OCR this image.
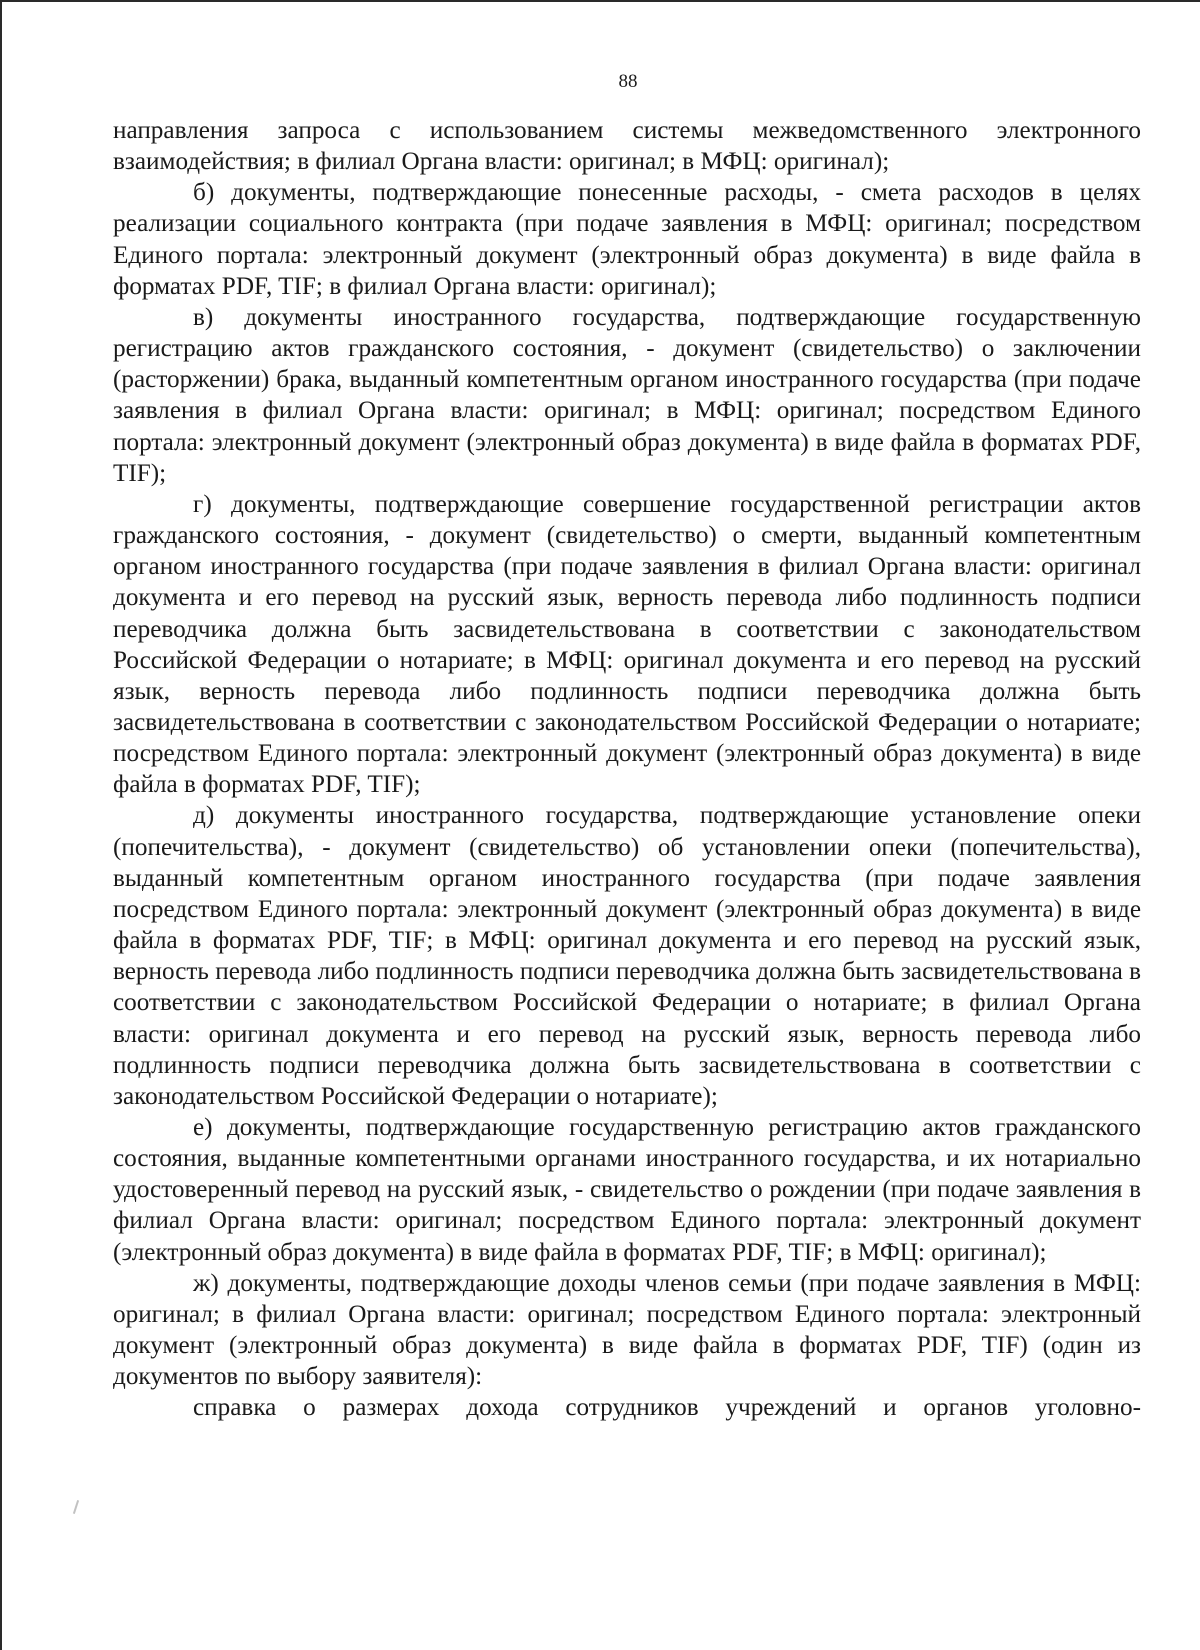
88

направления запроса с использованием системы межведомственного электронного взаимодействия; в филиал Органа власти: оригинал; в МФЦ: оригинал);

б) документы, подтверждающие понесенные расходы, - смета расходов в целях реализации социального контракта (при подаче заявления в МФЦ: оригинал; посредством Единого портала: электронный документ (электронный образ документа) в виде файла в форматах PDF, TIF; в филиал Органа власти: оригинал);

в) документы иностранного государства, подтверждающие государственную регистрацию актов гражданского состояния, - документ (свидетельство) о заключении (расторжении) брака, выданный компетентным органом иностранного государства (при подаче заявления в филиал Органа власти: оригинал; в МФЦ: оригинал; посредством Единого портала: электронный документ (электронный образ документа) в виде файла в форматах PDF, TIF);

г) документы, подтверждающие совершение государственной регистрации актов гражданского состояния, - документ (свидетельство) о смерти, выданный компетентным органом иностранного государства (при подаче заявления в филиал Органа власти: оригинал документа и его перевод на русский язык, верность перевода либо подлинность подписи переводчика должна быть засвидетельствована в соответствии с законодательством Российской Федерации о нотариате; в МФЦ: оригинал документа и его перевод на русский язык, верность перевода либо подлинность подписи переводчика должна быть засвидетельствована в соответствии с законодательством Российской Федерации о нотариате; посредством Единого портала: электронный документ (электронный образ документа) в виде файла в форматах PDF, TIF);

д) документы иностранного государства, подтверждающие установление опеки (попечительства), - документ (свидетельство) об установлении опеки (попечительства), выданный компетентным органом иностранного государства (при подаче заявления посредством Единого портала: электронный документ (электронный образ документа) в виде файла в форматах PDF, TIF; в МФЦ: оригинал документа и его перевод на русский язык, верность перевода либо подлинность подписи переводчика должна быть засвидетельствована в соответствии с законодательством Российской Федерации о нотариате; в филиал Органа власти: оригинал документа и его перевод на русский язык, верность перевода либо подлинность подписи переводчика должна быть засвидетельствована в соответствии с законодательством Российской Федерации о нотариате);

е) документы, подтверждающие государственную регистрацию актов гражданского состояния, выданные компетентными органами иностранного государства, и их нотариально удостоверенный перевод на русский язык, - свидетельство о рождении (при подаче заявления в филиал Органа власти: оригинал; посредством Единого портала: электронный документ (электронный образ документа) в виде файла в форматах PDF, TIF; в МФЦ: оригинал);

ж) документы, подтверждающие доходы членов семьи (при подаче заявления в МФЦ: оригинал; в филиал Органа власти: оригинал; посредством Единого портала: электронный документ (электронный образ документа) в виде файла в форматах PDF, TIF) (один из документов по выбору заявителя):

справка о размерах дохода сотрудников учреждений и органов уголовно-
